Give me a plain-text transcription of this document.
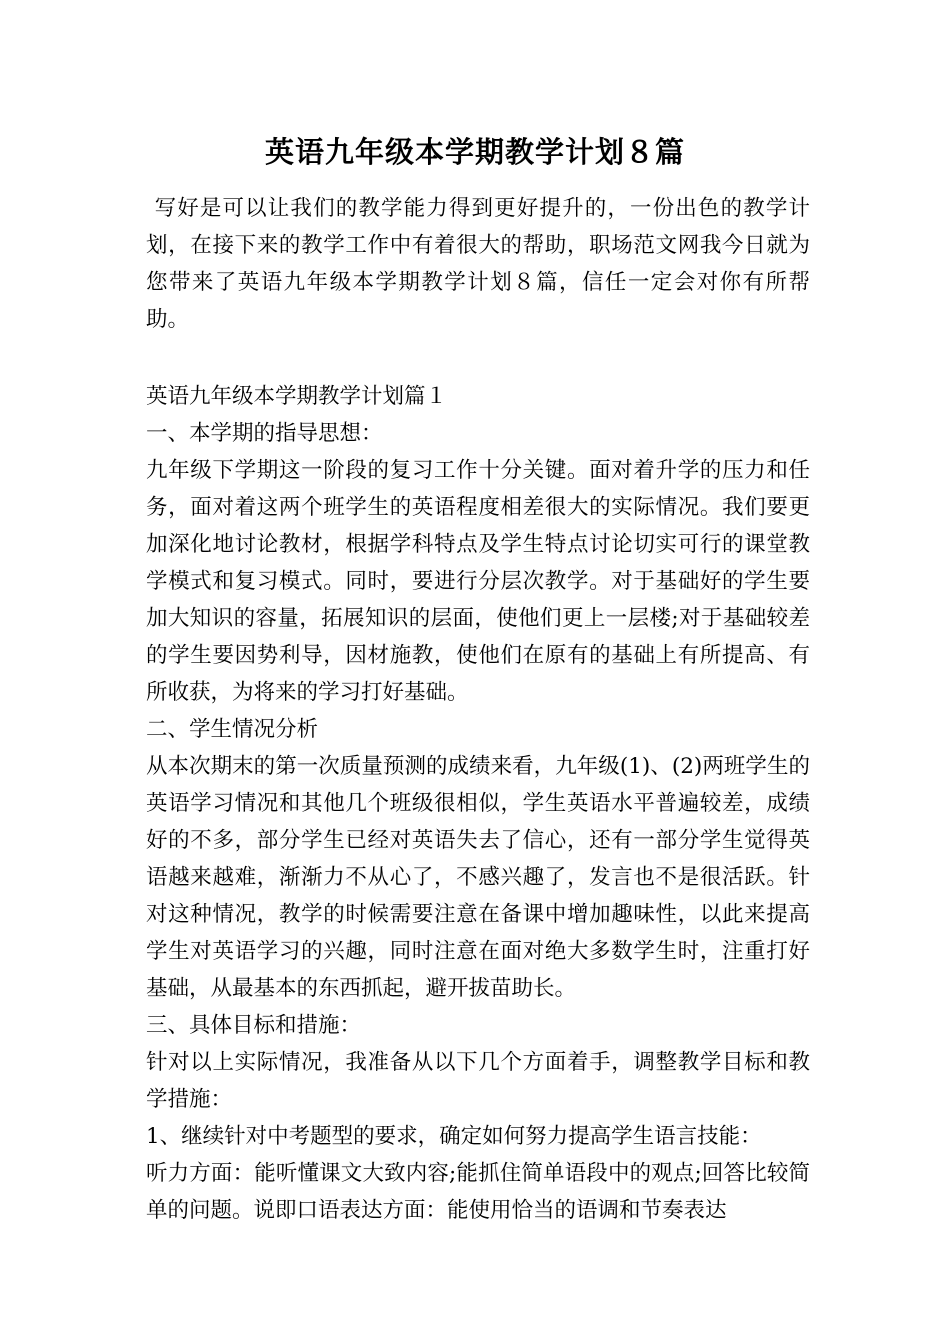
英语九年级本学期教学计划８篇

写好是可以让我们的教学能力得到更好提升的，一份出色的教学计划，在接下来的教学工作中有着很大的帮助，职场范文网我今日就为您带来了英语九年级本学期教学计划８篇，信任一定会对你有所帮助。

英语九年级本学期教学计划篇１

一、本学期的指导思想：

九年级下学期这一阶段的复习工作十分关键。面对着升学的压力和任务，面对着这两个班学生的英语程度相差很大的实际情况。我们要更加深化地讨论教材，根据学科特点及学生特点讨论切实可行的课堂教学模式和复习模式。同时，要进行分层次教学。对于基础好的学生要加大知识的容量，拓展知识的层面，使他们更上一层楼;对于基础较差的学生要因势利导，因材施教，使他们在原有的基础上有所提高、有所收获，为将来的学习打好基础。

二、学生情况分析

从本次期末的第一次质量预测的成绩来看，九年级(1)、(2)两班学生的英语学习情况和其他几个班级很相似，学生英语水平普遍较差，成绩好的不多，部分学生已经对英语失去了信心，还有一部分学生觉得英语越来越难，渐渐力不从心了，不感兴趣了，发言也不是很活跃。针对这种情况，教学的时候需要注意在备课中增加趣味性，以此来提高学生对英语学习的兴趣，同时注意在面对绝大多数学生时，注重打好基础，从最基本的东西抓起，避开拔苗助长。

三、具体目标和措施：

针对以上实际情况，我准备从以下几个方面着手，调整教学目标和教学措施：

1、继续针对中考题型的要求，确定如何努力提高学生语言技能：

听力方面：能听懂课文大致内容;能抓住简单语段中的观点;回答比较简单的问题。说即口语表达方面：能使用恰当的语调和节奏表达
